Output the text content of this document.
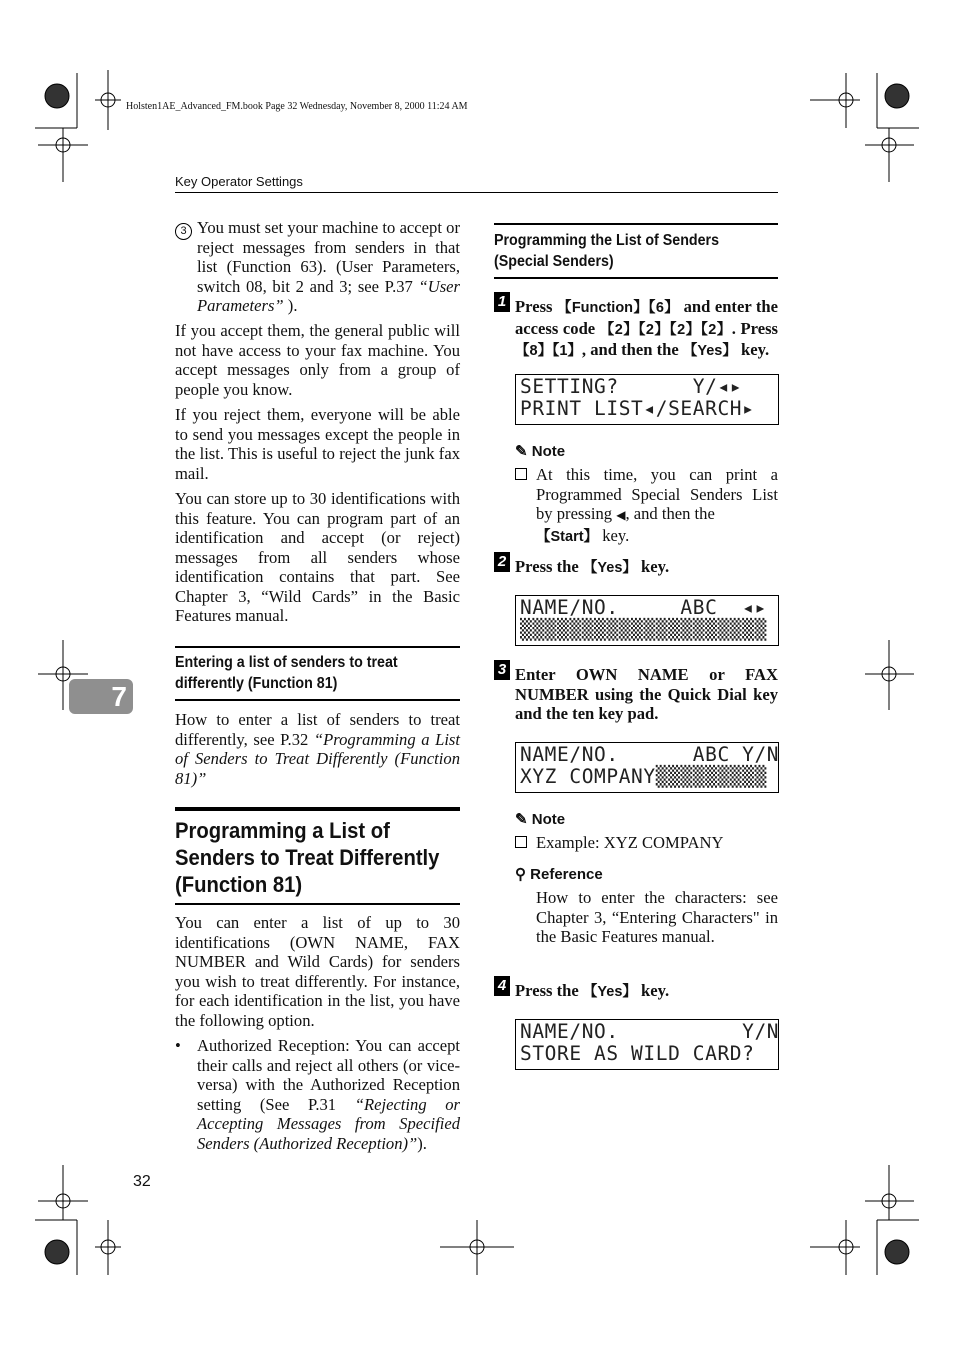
Holsten1AE_Advanced_FM.book Page 32 Wednesday, November 8, 2000 11:24 AM
Key Operator Settings
7
3 You must set your machine to accept or reject messages from senders in that list (Function 63). (User Parameters, switch 08, bit 2 and 3; see P.37 “User Parameters” ).
If you accept them, the general public will not have access to your fax machine. You accept messages only from a group of people you know.
If you reject them, everyone will be able to send you messages except the people in the list. This is useful to reject the junk fax mail.
You can store up to 30 identifications with this feature. You can program part of an identification and accept (or reject) messages from all senders whose identification contains that part. See Chapter 3, “Wild Cards” in the Basic Features manual.
Entering a list of senders to treat differently (Function 81)
How to enter a list of senders to treat differently, see P.32 “Programming a List of Senders to Treat Differently (Function 81)”
Programming a List of Senders to Treat Differently (Function 81)
You can enter a list of up to 30 identifications (OWN NAME, FAX NUMBER and Wild Cards) for senders you wish to treat differently. For instance, for each identification in the list, you have the following option.
• Authorized Reception: You can accept their calls and reject all others (or vice-versa) with the Authorized Reception setting (See P.31 “Rejecting or Accepting Messages from Specified Senders (Authorized Reception)”).
32
Programming the List of Senders (Special Senders)
1 Press 【Function】【6】 and enter the access code 【2】【2】【2】【2】. Press 【8】【1】, and then the 【Yes】 key.
SETTING?      Y/◂▸
PRINT LIST◂/SEARCH▸
✎ Note
At this time, you can print a Programmed Special Senders List by pressing ◀, and then the
【Start】 key.
2 Press the 【Yes】 key.
NAME/NO.     ABC  ◂▸
▒▒▒▒▒▒▒▒▒▒▒▒▒▒▒▒▒▒▒▒
3 Enter OWN NAME or FAX NUMBER using the Quick Dial key and the ten key pad.
NAME/NO.      ABC Y/N
XYZ COMPANY▒▒▒▒▒▒▒▒▒
✎ Note
Example: XYZ COMPANY
⚲ Reference
How to enter the characters: see Chapter 3, “Entering Characters" in the Basic Features manual.
4 Press the 【Yes】 key.
NAME/NO.          Y/N
STORE AS WILD CARD?
